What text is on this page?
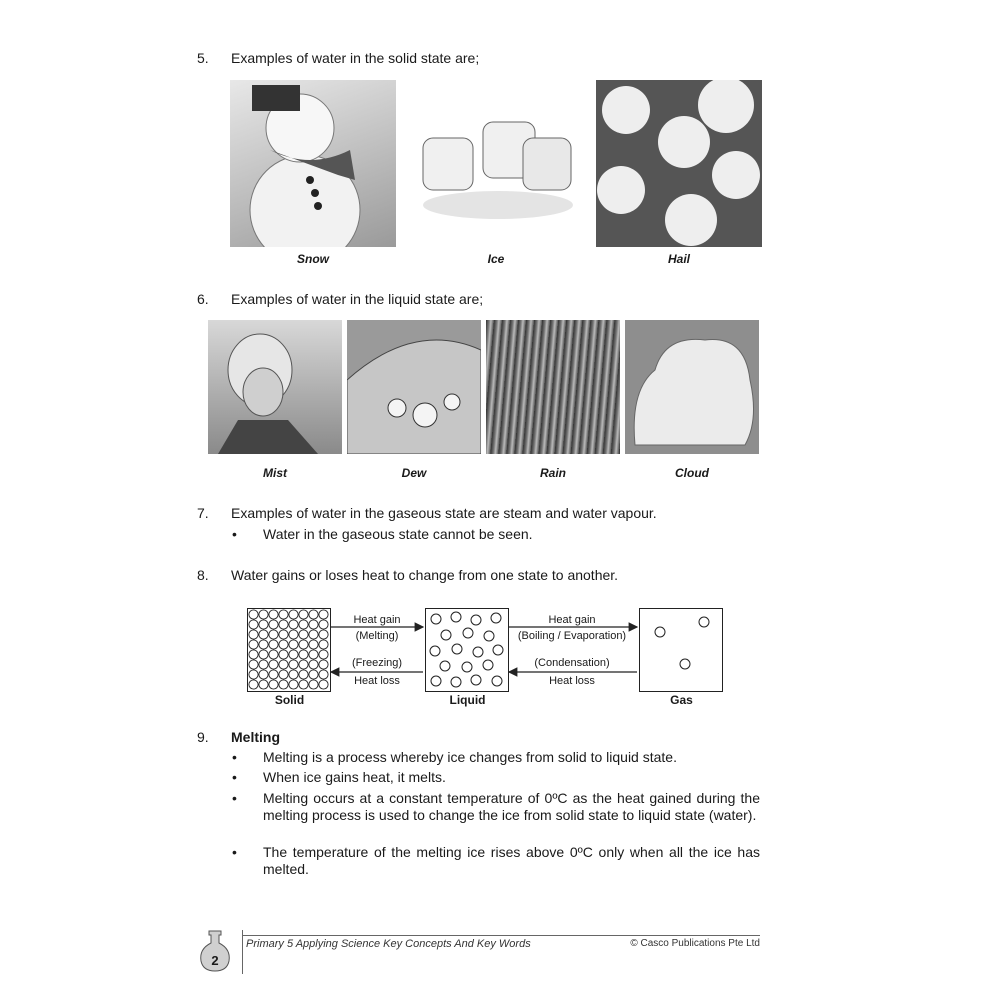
5. Examples of water in the solid state are;
Snow	Ice	Hail
6. Examples of water in the liquid state are;
Mist	Dew	Rain	Cloud
7. Examples of water in the gaseous state are steam and water vapour.
• Water in the gaseous state cannot be seen.
8. Water gains or loses heat to change from one state to another.
Heat gain
(Melting)
(Freezing)
Heat loss
Heat gain
(Boiling / Evaporation)
(Condensation)
Heat loss
Solid	Liquid	Gas
9. Melting
• Melting is a process whereby ice changes from solid to liquid state.
• When ice gains heat, it melts.
• Melting occurs at a constant temperature of 0ºC as the heat gained during the melting process is used to change the ice from solid state to liquid state (water).
• The temperature of the melting ice rises above 0ºC only when all the ice has melted.
2
Primary 5 Applying Science Key Concepts And Key Words	© Casco Publications Pte Ltd
